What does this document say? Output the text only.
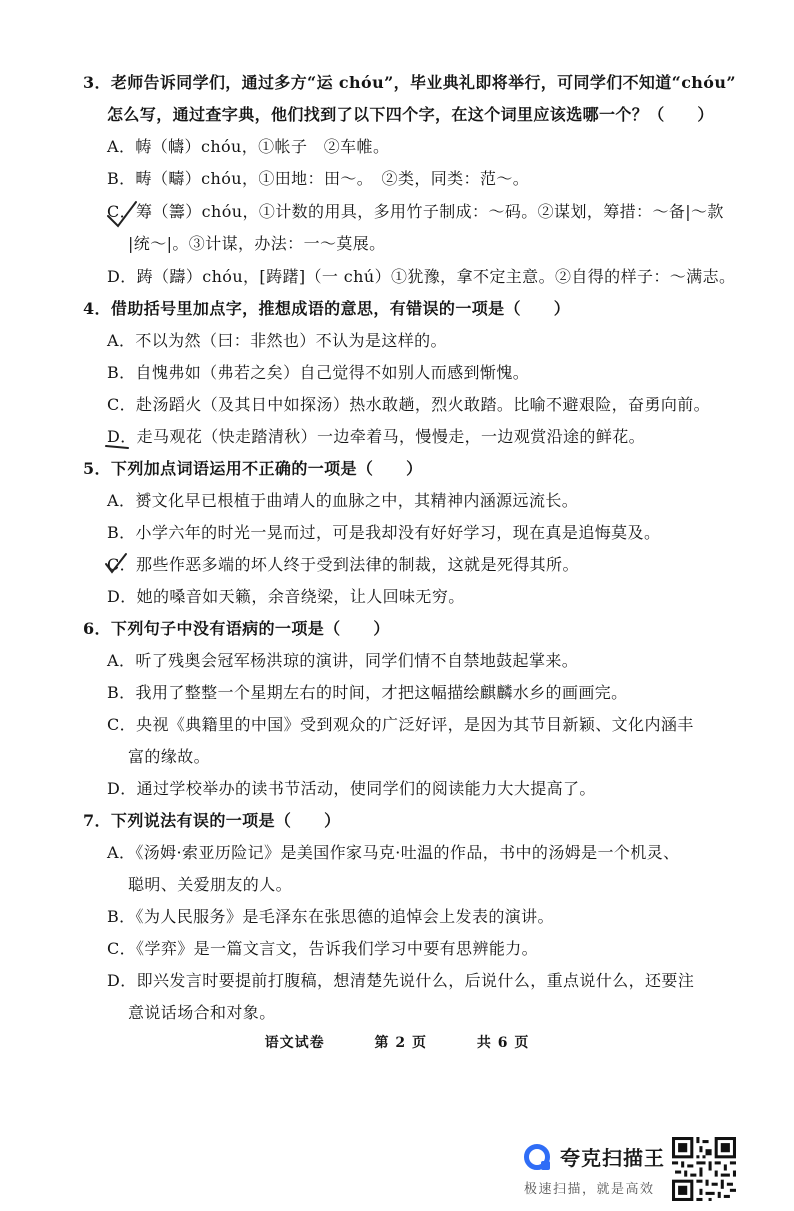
3．老师告诉同学们，通过多方“运 chóu”，毕业典礼即将举行，可同学们不知道“chóu”
怎么写，通过查字典，他们找到了以下四个字，在这个词里应该选哪一个？（　　）
A．帱（幬）chóu，①帐子　②车帷。
B．畴（疇）chóu，①田地：田～。　②类，同类：范～。
C．筹（籌）chóu，①计数的用具，多用竹子制成：～码。②谋划，筹措：～备|～款
|统～|。③计谋，办法：一～莫展。
D．踌（躊）chóu，[踌躇]（一 chú）①犹豫，拿不定主意。②自得的样子：～满志。
4．借助括号里加点字，推想成语的意思，有错误的一项是（　　）
A．不以为然（曰：非然也）不认为是这样的。
B．自愧弗如（弗若之矣）自己觉得不如别人而感到惭愧。
C．赴汤蹈火（及其日中如探汤）热水敢趟，烈火敢踏。比喻不避艰险，奋勇向前。
D．走马观花（快走踏清秋）一边牵着马，慢慢走，一边观赏沿途的鲜花。
5．下列加点词语运用不正确的一项是（　　）
A．赟文化早已根植于曲靖人的血脉之中，其精神内涵源远流长。
B．小学六年的时光一晃而过，可是我却没有好好学习，现在真是追悔莫及。
C．那些作恶多端的坏人终于受到法律的制裁，这就是死得其所。
D．她的嗓音如天籁，余音绕梁，让人回味无穷。
6．下列句子中没有语病的一项是（　　）
A．听了残奥会冠军杨洪琼的演讲，同学们情不自禁地鼓起掌来。
B．我用了整整一个星期左右的时间，才把这幅描绘麒麟水乡的画画完。
C．央视《典籍里的中国》受到观众的广泛好评，是因为其节目新颖、文化内涵丰
富的缘故。
D．通过学校举办的读书节活动，使同学们的阅读能力大大提高了。
7．下列说法有误的一项是（　　）
A．《汤姆·索亚历险记》是美国作家马克·吐温的作品，书中的汤姆是一个机灵、
聪明、关爱朋友的人。
B．《为人民服务》是毛泽东在张思德的追悼会上发表的演讲。
C．《学弈》是一篇文言文，告诉我们学习中要有思辨能力。
D．即兴发言时要提前打腹稿，想清楚先说什么，后说什么，重点说什么，还要注
意说话场合和对象。
语文试卷	第 2 页	共 6 页
夸克扫描王
极速扫描，就是高效
